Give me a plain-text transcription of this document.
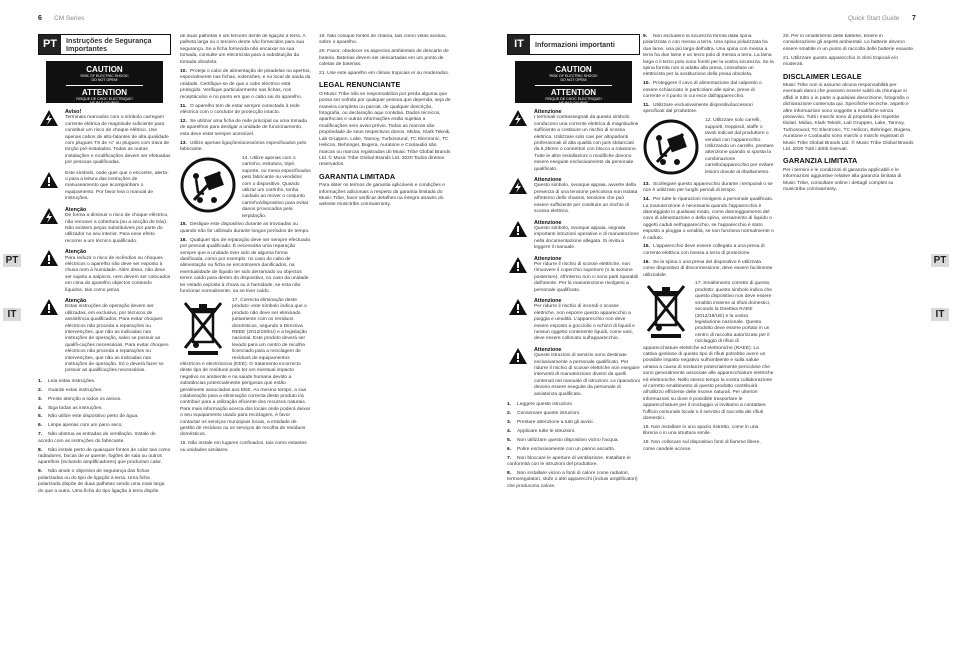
6 CM Series	Quick Start Guide 7
PT
IT
PT
IT
PT	Instruções de Segurança
Importantes
CAUTION
RISK OF ELECTRIC SHOCK!
DO NOT OPEN!
ATTENTION
RISQUE DE CHOC ELECTRIQUE!
NE PAS OUVRIR!
Aviso!
Terminais marcados com o símbolo carregam corrente elétrica de magnitude suficiente para constituir um risco de choque elétrico. Use apenas cabos de alto-falantes de alta qualidade com plugues TS de ¼" ou plugues com trava de torção pré-instalados. Todas as outras instalações e modificações devem ser efetuadas por pessoas qualificadas.
Este símbolo, onde quer que o encontre, alerta-o para a leitura das instruções de manuseamento que acompanham o equipamento. Por favor leia o manual de instruções.
Atenção
De forma a diminuir o risco de choque eléctrico, não remover a cobertura (ou a secção de trás). Não existem peças substituíveis por parte do utilizador no seu interior. Para esse efeito recorrer a um técnico qualificado.
Atenção
Para reduzir o risco de incêndios ou choques eléctricos o aparelho não deve ser exposto à chuva nem à humidade. Além disso, não deve ser sujeito a salpicos, nem devem ser colocados em cima do aparelho objectos contendo líquidos, tais como jarras.
Atenção
Estas instruções de operação devem ser utilizadas, em exclusivo, por técnicos de assistência qualificados. Para evitar choques eléctricos não proceda a reparações ou intervenções, que não as indicadas nas instruções de operação, salvo se possuir as qualifi-cações necessárias. Para evitar choques eléctricos não proceda a reparações ou intervenções, que não as indicadas nas instruções de operação. Só o deverá fazer se possuir as qualificações necessárias.
1. Leia estas instruções.
2. Guarde estas instruções.
3. Preste atenção a todos os avisos.
4. Siga todas as instruções.
5. Não utilize este dispositivo perto de água.
6. Limpe apenas com um pano seco.
7. Não obstrua as entradas de ventilação. Instale de acordo com as instruções do fabricante.
8. Não instale perto de quaisquer fontes de calor tais como radiadores, bocas de ar quente, fogões de sala ou outros aparelhos (incluindo amplificadores) que produzam calor.
9. Não anule o objectivo de segurança das fichas polarizadas ou do tipo de ligação à terra. Uma ficha polarizada dispõe de duas palhetas sendo uma mais larga do que a outra. Uma ficha do tipo ligação à terra dispõe

de duas palhetas e um terceiro dente de ligação à terra. A palheta larga ou o terceiro dente são fornecidos para sua segurança. Se a ficha fornecida não encaixar na sua tomada, consulte um electricista para a substituição da tomada obsoleta.

10. Proteja o cabo de alimentação de pisadelas ou apertos, especialmente nas fichas, extensões, e no local de saída da unidade. Certifique-se de que o cabo eléctrico está protegido. Verifique particularmente nas fichas, nos receptáculos e no ponto em que o cabo sai do aparelho.
11. O aparelho tem de estar sempre conectado à rede eléctrica com o condutor de protecção intacto.
12. Se utilizar uma ficha de rede principal ou uma tomada de aparelhos para desligar a unidade de funcionamento, esta deve estar sempre acessível.
13. Utilize apenas ligações/acessórios especificados pelo fabricante.
14. Utilize apenas com o carrinho, estrutura, tripé, suporte, ou mesa especificados pelo fabricante ou vendidos com o dispositivo. Quando utilizar um carrinho, tenha cuidado ao mover o conjunto carrinho/dispositivo para evitar danos provocados pela terpidação.
15. Desligue este dispositivo durante as trovoadas ou quando não for utilizado durante longos períodos de tempo.
16. Qualquer tipo de reparação deve ser sempre efectuado por pessoal qualificado. É necessária uma reparação sempre que a unidade tiver sido de alguma forma danificada, como por exemplo: no caso do cabo de alimentação ou ficha se encontrarem danificados, na eventualidade de líquido ter sido derramado ou objectos terem caído para dentro do dispositivo, no caso da unidade ter estado exposta à chuva ou à humidade, se esta não funcionar normalmente, ou se tiver caído.
17. Correcta eliminação deste produto: este símbolo indica que o produto não deve ser eliminado juntamente com os resíduos domésticos, segundo a Directiva REEE (2012/19/EU) e a legislação nacional. Este produto deverá ser levado para um centro de recolha licenciado para a reciclagem de resíduos de equipamentos eléctricos e electrónicos (EEE). O tratamento incorrecto deste tipo de resíduos pode ter um eventual impacto negativo no ambiente e na saúde humana devido a substâncias potencialmente perigosas que estão geralmente associadas aos EEE. Ao mesmo tempo, a sua colaboração para a eliminação correcta deste produto irá contribuir para a utilização eficiente dos recursos naturais. Para mais informação acerca dos locais onde poderá deixar o seu equipamento usado para reciclagem, é favor contactar os serviços municipais locais, a entidade de gestão de resíduos ou os serviços de recolha de resíduos domésticos.
18. Não instale em lugares confinados, tais como estantes ou unidades similares.
19. Não coloque fontes de chama, tais como velas acesas, sobre o aparelho.
20. Favor, obedecer os aspectos ambientais de descarte de bateria. Baterias devem ser descartadas em um ponto de coletas de baterias.
21. Use este aparelho em climas tropicais e/ ou moderados.
LEGAL RENUNCIANTE

O Music Tribe não se responsabiliza por perda alguma que possa ser sofrida por qualquer pessoa que dependa, seja de maneira completa ou parcial, de qualquer descrição, fotografia, ou declaração aqui contidas. Dados técnicos, aparências e outras informações estão sujeitas a modificações sem aviso prévio. Todas as marcas são propriedade de seus respectivos donos. Midas, Klark Teknik, Lab Gruppen, Lake, Tannoy, Turbosound, TC Electronic, TC Helicon, Behringer, Bugera, Auratone e Coolaudio são marcas ou marcas registradas do Music Tribe Global Brands Ltd. © Music Tribe Global Brands Ltd. 2020 Todos direitos reservados.

GARANTIA LIMITADA

Para obter os termos de garantia aplicáveis e condições e informações adicionais a respeito da garantia limitada do Music Tribe, favor verificar detalhes na íntegra através do website musictribe.com/warranty.

IT	Informazioni importanti
CAUTION
RISK OF ELECTRIC SHOCK!
DO NOT OPEN!
ATTENTION
RISQUE DE CHOC ELECTRIQUE!
NE PAS OUVRIR!
Attenzione
I terminali contrassegnati da questo simbolo conducono una corrente elettrica di magnitudine sufficiente a costituire un rischio di scossa elettrica. Utilizzare solo cavi per altoparlanti professionali di alta qualità con jack sbilanciati da 6,35mm o connettori con blocco a rotazione. Tutte le altre installazioni o modifiche devono essere eseguite esclusivamente da personale qualificato.
Attenzione
Questo simbolo, ovunque appaia, avverte della presenza di una tensione pericolosa non isolata all'interno dello chassis, tensione che può essere sufficiente per costituire un rischio di scossa elettrica.
Attenzione
Questo simbolo, ovunque appaia, segnala importanti istruzioni operative e di manutenzione nella documentazione allegata. Si invita a leggere il manuale.
Attenzione
Per ridurre il rischio di scosse elettriche, non rimuovere il coperchio superiore (o la sezione posteriore). All'interno non ci sono parti riparabili dall'utente. Per la manutenzione rivolgersi a personale qualificato.
Attenzione
Per ridurre il rischio di incendi o scosse elettriche, non esporre questo apparecchio a pioggia e umidità. L'apparecchio non deve essere esposto a gocciolio o schizzi di liquidi e nessun oggetto contenente liquidi, come vasi, deve essere collocato sull'apparecchio.
Attenzione
Queste istruzioni di servizio sono destinate esclusivamente a personale qualificato. Per ridurre il rischio di scosse elettriche non eseguire interventi di manutenzione diversi da quelli contenuti nel manuale di istruzioni. Le riparazioni devono essere eseguite da personale di assistenza qualificato.
1. Leggere queste istruzioni.
2. Conservare queste istruzioni.
3. Prestare attenzione a tutti gli avvisi.
4. Applicare tutte le istruzioni.
5. Non utilizzare questo dispositivo vicino l'acqua.
6. Pulire esclusivamente con un panno asciutto.
7. Non bloccare le aperture di ventilazione. Installare in conformità con le istruzioni del produttore.
8. Non installare vicino a fonti di calore come radiatori, termoregolatori, stufe o altri apparecchi (inclusi amplificatori) che producono calore.
9. Non escludere la sicurezza fornita dalla spina polarizzata o con messa a terra. Una spina polarizzata ha due lame, una più larga dell'altra. Una spina con messa a terra ha due lame e un terzo polo di messa a terra. La lama larga o il terzo polo sono forniti per la vostra sicurezza. Se la spina fornita non si adatta alla presa, consultare un elettricista per la sostituzione della presa obsoleta.
10. Proteggere il cavo di alimentazione dal calpestio o essere schiacciato in particolare alle spine, prese di corrente e il punto in cui esce dall'apparecchio.
11. Utilizzare esclusivamente dispositivi/accessori specificati dal produttore.
12. Utilizzare solo carrelli, supporti, treppiedi, staffe o tavoli indicati dal produttore o venduti con l'apparecchio. Utilizzando un carrello, prestare attenzione quando si sposta la combinazione carrello/apparecchio per evitare lesioni dovute al ribaltamento.
13. Scollegare questo apparecchio durante i temporali o se non è utilizzato per lunghi periodi di tempo.
14. Per tutte le riparazioni rivolgersi a personale qualificato. La manutenzione è necessaria quando l'apparecchio è danneggiato in qualsiasi modo, come danneggiamento del cavo di alimentazione o della spina, versamento di liquido o oggetti caduti nell'apparecchio, se l'apparecchio è stato esposto a pioggia o umidità, se non funziona normalmente o è caduto.
15. L'apparecchio deve essere collegato a una presa di corrente elettrica con messa a terra di protezione.
16. Se la spina o una presa del dispositivo è utilizzata come dispositivo di disconnessione, deve essere facilmente utilizzabile.
17. Smaltimento corretto di questo prodotto: questo simbolo indica che questo dispositivo non deve essere smaltito insieme ai rifiuti domestici, secondo la Direttiva RAEE (2012/19/UE) e la vostra legislazione nazionale. Questo prodotto deve essere portato in un centro di raccolta autorizzato per il riciclaggio di rifiuti di apparecchiature elettriche ed elettroniche (RAEE). La cattiva gestione di questo tipo di rifiuti potrebbe avere un possibile impatto negativo sull'ambiente e sulla salute umana a causa di sostanze potenzialmente pericolose che sono generalmente associate alle apparecchiature elettriche ed elettroniche. Nello stesso tempo la vostra collaborazione al corretto smaltimento di questo prodotto contribuirà all'utilizzo efficiente delle risorse naturali. Per ulteriori informazioni su dove è possibile trasportare le apparecchiature per il riciclaggio vi invitiamo a contattare l'ufficio comunale locale o il servizio di raccolta dei rifiuti domestici.
18. Non installare in uno spazio ristretto, come in una libreria o in una struttura simile.
19. Non collocare sul dispositivo fonti di fiamme libere, come candele accese.
20. Per lo smaltimento delle batterie, tenere in considerazione gli aspetti ambientali. Le batterie devono essere smaltite in un punto di raccolta delle batterie esauste.
21. Utilizzare questo apparecchio in climi tropicali e/o moderati.
DISCLAIMER LEGALE

Music Tribe non si assume alcuna responsabilità per eventuali danni che possono essere subiti da chiunque si affidi in tutto o in parte a qualsiasi descrizione, fotografia o dichiarazione contenuta qui. Specifiche tecniche, aspetti e altre informazioni sono soggette a modifiche senza preavviso. Tutti i marchi sono di proprietà dei rispettivi titolari. Midas, Klark Teknik, Lab Gruppen, Lake, Tannoy, Turbosound, TC Electronic, TC Helicon, Behringer, Bugera, Auratone e Coolaudio sono marchi o marchi registrati di Music Tribe Global Brands Ltd. © Music Tribe Global Brands Ltd. 2020 Tutti i diritti riservati.

GARANZIA LIMITATA

Per i termini e le condizioni di garanzia applicabili e le informazioni aggiuntive relative alla garanzia limitata di Music Tribe, consultare online i dettagli completi su musictribe.com/warranty.
